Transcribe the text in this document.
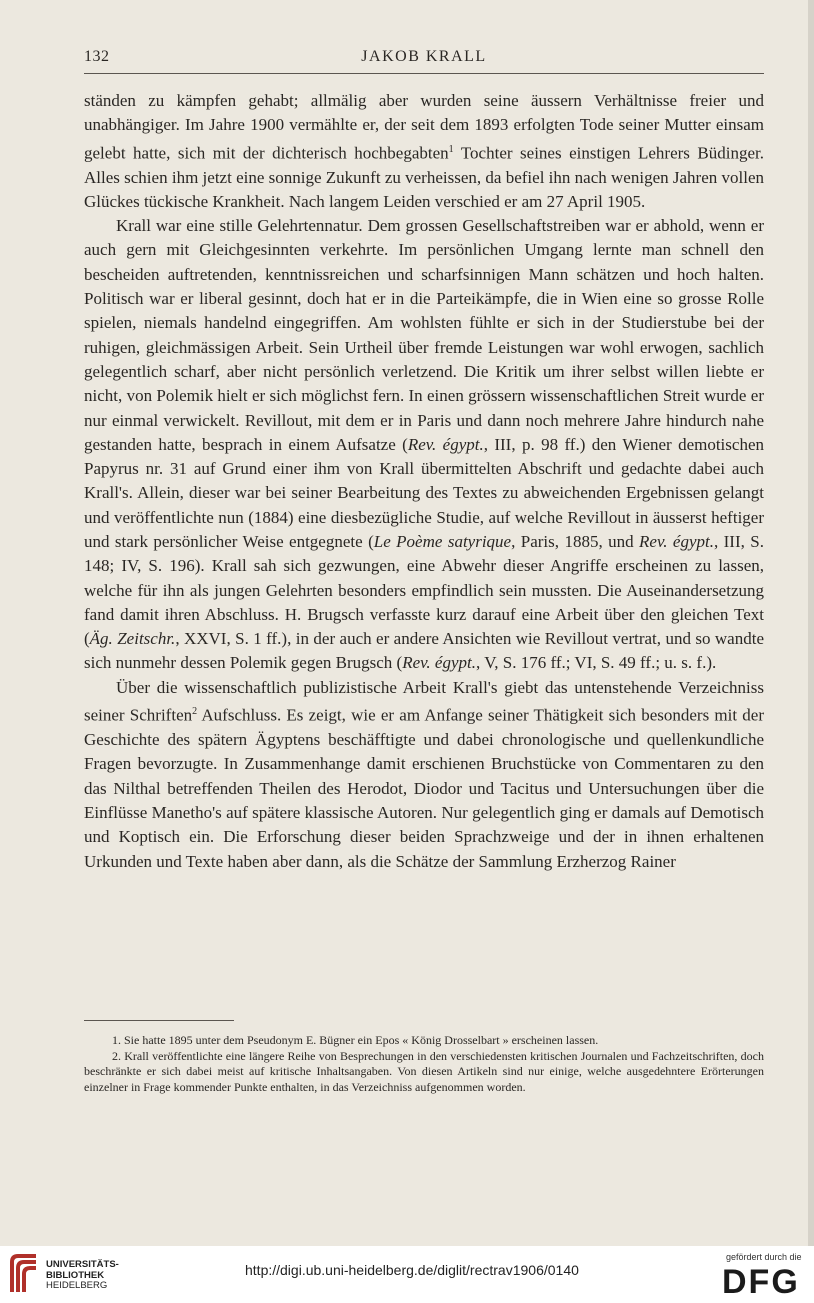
132	JAKOB KRALL

ständen zu kämpfen gehabt; allmälig aber wurden seine äussern Verhältnisse freier und unabhängiger. Im Jahre 1900 vermählte er, der seit dem 1893 erfolgten Tode seiner Mutter einsam gelebt hatte, sich mit der dichterisch hochbegabten$^1$ Tochter seines einstigen Lehrers Büdinger. Alles schien ihm jetzt eine sonnige Zukunft zu verheissen, da befiel ihn nach wenigen Jahren vollen Glückes tückische Krankheit. Nach langem Leiden verschied er am 27 April 1905.

Krall war eine stille Gelehrtennatur. Dem grossen Gesellschaftstreiben war er abhold, wenn er auch gern mit Gleichgesinnten verkehrte. Im persönlichen Umgang lernte man schnell den bescheiden auftretenden, kenntnissreichen und scharfsinnigen Mann schätzen und hoch halten. Politisch war er liberal gesinnt, doch hat er in die Parteikämpfe, die in Wien eine so grosse Rolle spielen, niemals handelnd eingegriffen. Am wohlsten fühlte er sich in der Studierstube bei der ruhigen, gleichmässigen Arbeit. Sein Urtheil über fremde Leistungen war wohl erwogen, sachlich gelegentlich scharf, aber nicht persönlich verletzend. Die Kritik um ihrer selbst willen liebte er nicht, von Polemik hielt er sich möglichst fern. In einen grössern wissenschaftlichen Streit wurde er nur einmal verwickelt. Revillout, mit dem er in Paris und dann noch mehrere Jahre hindurch nahe gestanden hatte, besprach in einem Aufsatze (Rev. égypt., III, p. 98 ff.) den Wiener demotischen Papyrus nr. 31 auf Grund einer ihm von Krall übermittelten Abschrift und gedachte dabei auch Krall's. Allein, dieser war bei seiner Bearbeitung des Textes zu abweichenden Ergebnissen gelangt und veröffentlichte nun (1884) eine diesbezügliche Studie, auf welche Revillout in äusserst heftiger und stark persönlicher Weise entgegnete (Le Poème satyrique, Paris, 1885, und Rev. égypt., III, S. 148; IV, S. 196). Krall sah sich gezwungen, eine Abwehr dieser Angriffe erscheinen zu lassen, welche für ihn als jungen Gelehrten besonders empfindlich sein mussten. Die Auseinandersetzung fand damit ihren Abschluss. H. Brugsch verfasste kurz darauf eine Arbeit über den gleichen Text (Äg. Zeitschr., XXVI, S. 1 ff.), in der auch er andere Ansichten wie Revillout vertrat, und so wandte sich nunmehr dessen Polemik gegen Brugsch (Rev. égypt., V, S. 176 ff.; VI, S. 49 ff.; u. s. f.).

Über die wissenschaftlich publizistische Arbeit Krall's giebt das untenstehende Verzeichniss seiner Schriften$^2$ Aufschluss. Es zeigt, wie er am Anfange seiner Thätigkeit sich besonders mit der Geschichte des spätern Ägyptens beschäfftigte und dabei chronologische und quellenkundliche Fragen bevorzugte. In Zusammenhange damit erschienen Bruchstücke von Commentaren zu den das Nilthal betreffenden Theilen des Herodot, Diodor und Tacitus und Untersuchungen über die Einflüsse Manetho's auf spätere klassische Autoren. Nur gelegentlich ging er damals auf Demotisch und Koptisch ein. Die Erforschung dieser beiden Sprachzweige und der in ihnen erhaltenen Urkunden und Texte haben aber dann, als die Schätze der Sammlung Erzherzog Rainer

1. Sie hatte 1895 unter dem Pseudonym E. Bügner ein Epos « König Drosselbart » erscheinen lassen.

2. Krall veröffentlichte eine längere Reihe von Besprechungen in den verschiedensten kritischen Journalen und Fachzeitschriften, doch beschränkte er sich dabei meist auf kritische Inhaltsangaben. Von diesen Artikeln sind nur einige, welche ausgedehntere Erörterungen einzelner in Frage kommender Punkte enthalten, in das Verzeichniss aufgenommen worden.

UNIVERSITÄTS-
BIBLIOTHEK
HEIDELBERG
http://digi.ub.uni-heidelberg.de/diglit/rectrav1906/0140
gefördert durch die
DFG
